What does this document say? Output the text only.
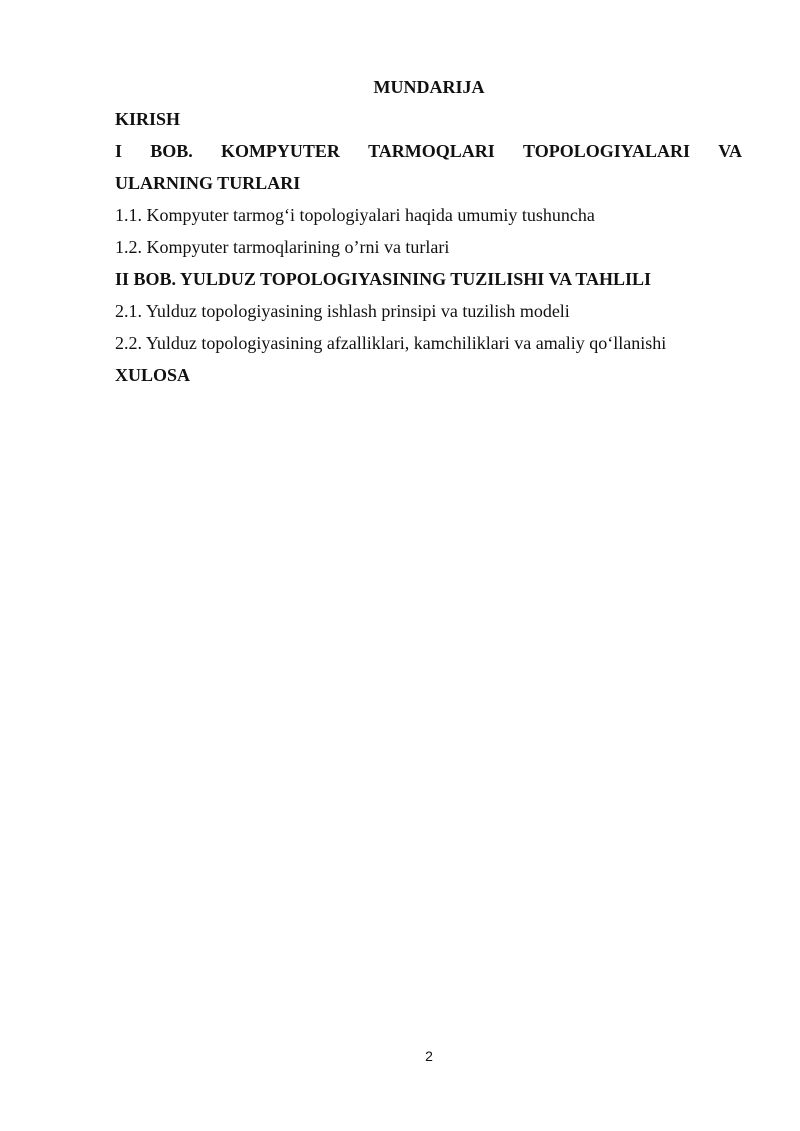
MUNDARIJA
KIRISH
I BOB. KOMPYUTER TARMOQLARI TOPOLOGIYALARI VA
ULARNING TURLARI
1.1. Kompyuter tarmog‘i topologiyalari haqida umumiy tushuncha
1.2. Kompyuter tarmoqlarining o’rni va turlari
II BOB. YULDUZ TOPOLOGIYASINING TUZILISHI VA TAHLILI
2.1. Yulduz topologiyasining ishlash prinsipi va tuzilish modeli
2.2. Yulduz topologiyasining afzalliklari, kamchiliklari va amaliy qo‘llanishi
XULOSA
2
